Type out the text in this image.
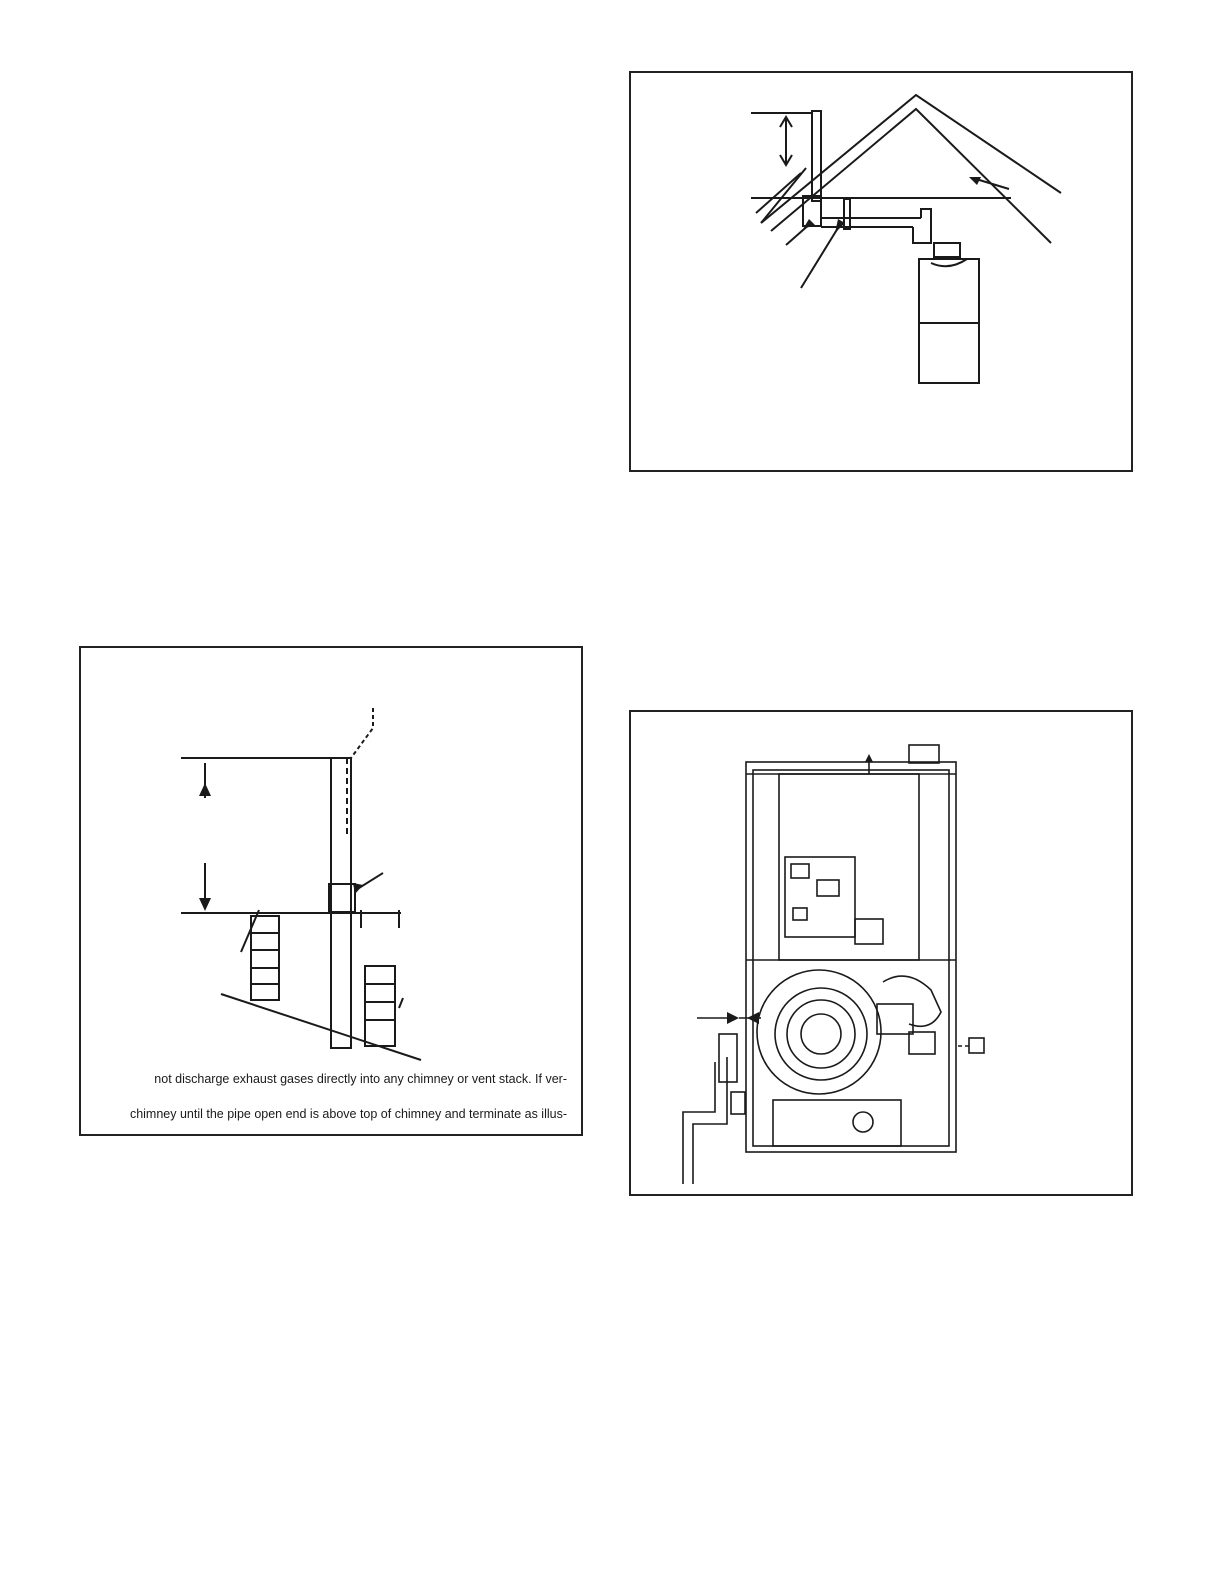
not discharge exhaust gases directly into any chimney or vent stack. If ver-
chimney until the pipe open end is above top of chimney and terminate as illus-
